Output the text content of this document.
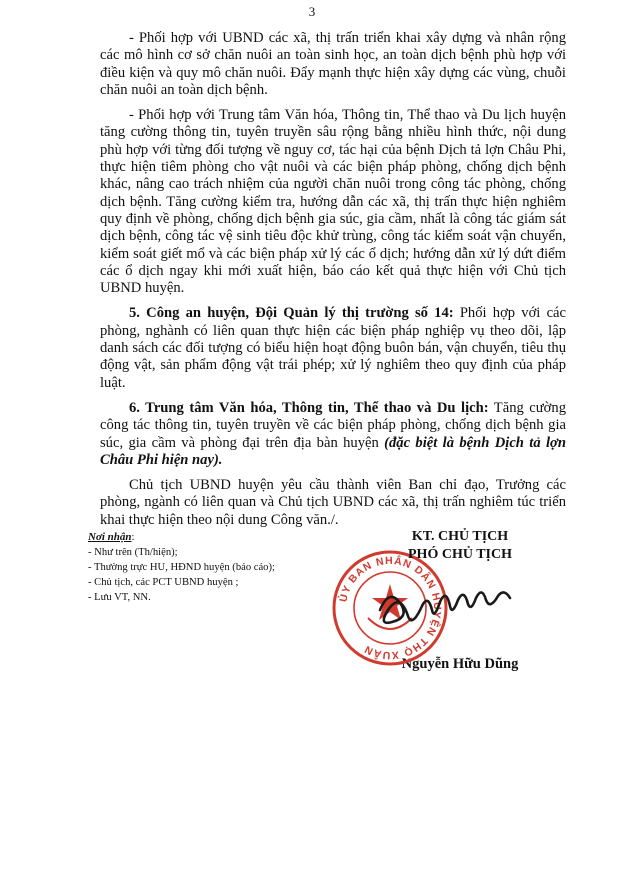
3

- Phối hợp với UBND các xã, thị trấn triển khai xây dựng và nhân rộng các mô hình cơ sở chăn nuôi an toàn sinh học, an toàn dịch bệnh phù hợp với điều kiện và quy mô chăn nuôi. Đẩy mạnh thực hiện xây dựng các vùng, chuỗi chăn nuôi an toàn dịch bệnh.

- Phối hợp với Trung tâm Văn hóa, Thông tin, Thể thao và Du lịch huyện tăng cường thông tin, tuyên truyền sâu rộng bằng nhiều hình thức, nội dung phù hợp với từng đối tượng về nguy cơ, tác hại của bệnh Dịch tả lợn Châu Phi, thực hiện tiêm phòng cho vật nuôi và các biện pháp phòng, chống dịch bệnh khác, nâng cao trách nhiệm của người chăn nuôi trong công tác phòng, chống dịch bệnh. Tăng cường kiểm tra, hướng dẫn các xã, thị trấn thực hiện nghiêm quy định về phòng, chống dịch bệnh gia súc, gia cầm, nhất là công tác giám sát dịch bệnh, công tác vệ sinh tiêu độc khử trùng, công tác kiểm soát vận chuyển, kiểm soát giết mổ và các biện pháp xử lý các ổ dịch; hướng dẫn xử lý dứt điểm các ổ dịch ngay khi mới xuất hiện, báo cáo kết quả thực hiện với Chủ tịch UBND huyện.

5. Công an huyện, Đội Quản lý thị trường số 14: Phối hợp với các phòng, nghành có liên quan thực hiện các biện pháp nghiệp vụ theo dõi, lập danh sách các đối tượng có biểu hiện hoạt động buôn bán, vận chuyển, tiêu thụ động vật, sản phẩm động vật trái phép; xử lý nghiêm theo quy định của pháp luật.

6. Trung tâm Văn hóa, Thông tin, Thể thao và Du lịch: Tăng cường công tác thông tin, tuyên truyền về các biện pháp phòng, chống dịch bệnh gia súc, gia cầm và phòng đại trên địa bàn huyện (đặc biệt là bệnh Dịch tả lợn Châu Phi hiện nay).

Chủ tịch UBND huyện yêu cầu thành viên Ban chỉ đạo, Trưởng các phòng, ngành có liên quan và Chủ tịch UBND các xã, thị trấn nghiêm túc triển khai thực hiện theo nội dung Công văn./.

Nơi nhận:
- Như trên (Th/hiện);
- Thường trực HU, HĐND huyện (báo cáo);
- Chủ tịch, các PCT UBND huyện ;
- Lưu VT, NN.
KT. CHỦ TỊCH
PHÓ CHỦ TỊCH
ỦY BAN NHÂN DÂN HUYỆN THỌ XUÂN
Nguyễn Hữu Dũng
